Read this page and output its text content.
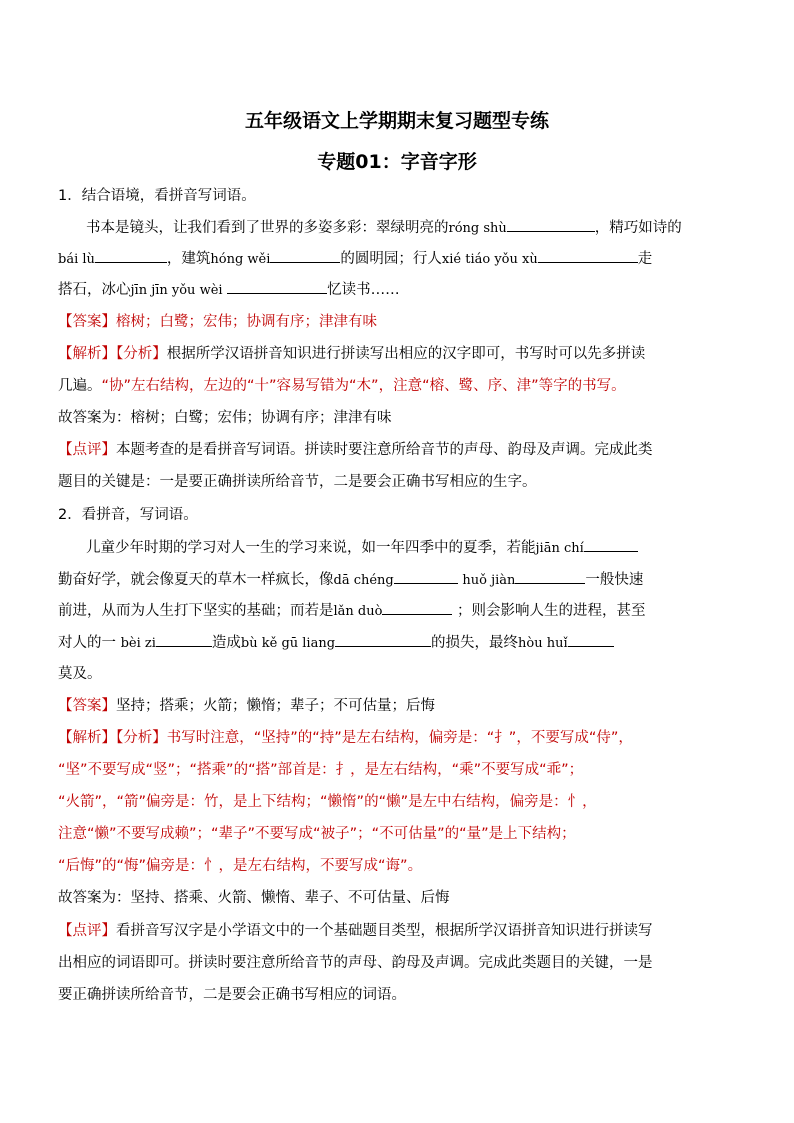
五年级语文上学期期末复习题型专练
专题01：字音字形
1．结合语境，看拼音写词语。
书本是镜头，让我们看到了世界的多姿多彩：翠绿明亮的róng shù	，精巧如诗的
bái lù	，建筑hóng wěi	的圆明园；行人xié tiáo yǒu xù	走
搭石，冰心jīn jīn yǒu wèi	忆读书……
【答案】榕树；白鹭；宏伟；协调有序；津津有味
【解析】【分析】根据所学汉语拼音知识进行拼读写出相应的汉字即可，书写时可以先多拼读
几遍。“协”左右结构，左边的“十”容易写错为“木”，注意“榕、鹭、序、津”等字的书写。
故答案为：榕树；白鹭；宏伟；协调有序；津津有味
【点评】本题考查的是看拼音写词语。拼读时要注意所给音节的声母、韵母及声调。完成此类
题目的关键是：一是要正确拼读所给音节，二是要会正确书写相应的生字。
2．看拼音，写词语。
儿童少年时期的学习对人一生的学习来说，如一年四季中的夏季，若能jiān chí
勤奋好学，就会像夏天的草木一样疯长，像dā chéng	huǒ jiàn	一般快速
前进，从而为人生打下坚实的基础；而若是lǎn duò	；则会影响人生的进程，甚至
对人的一 bèi zi	造成bù kě gū liang	的损失，最终hòu huǐ
莫及。
【答案】坚持；搭乘；火箭；懒惰；辈子；不可估量；后悔
【解析】【分析】书写时注意，“坚持”的“持”是左右结构，偏旁是：“扌”，不要写成“侍”，
“坚”不要写成“竖”；“搭乘”的“搭”部首是：扌，是左右结构，“乘”不要写成“乖”；
“火箭”，“箭”偏旁是：竹，是上下结构；“懒惰”的“懒”是左中右结构，偏旁是：忄，
注意“懒”不要写成赖”；“辈子”不要写成“被子”；“不可估量”的“量”是上下结构；
“后悔”的“悔”偏旁是：忄，是左右结构，不要写成“诲”。
故答案为：坚持、搭乘、火箭、懒惰、辈子、不可估量、后悔
【点评】看拼音写汉字是小学语文中的一个基础题目类型，根据所学汉语拼音知识进行拼读写
出相应的词语即可。拼读时要注意所给音节的声母、韵母及声调。完成此类题目的关键，一是
要正确拼读所给音节，二是要会正确书写相应的词语。
